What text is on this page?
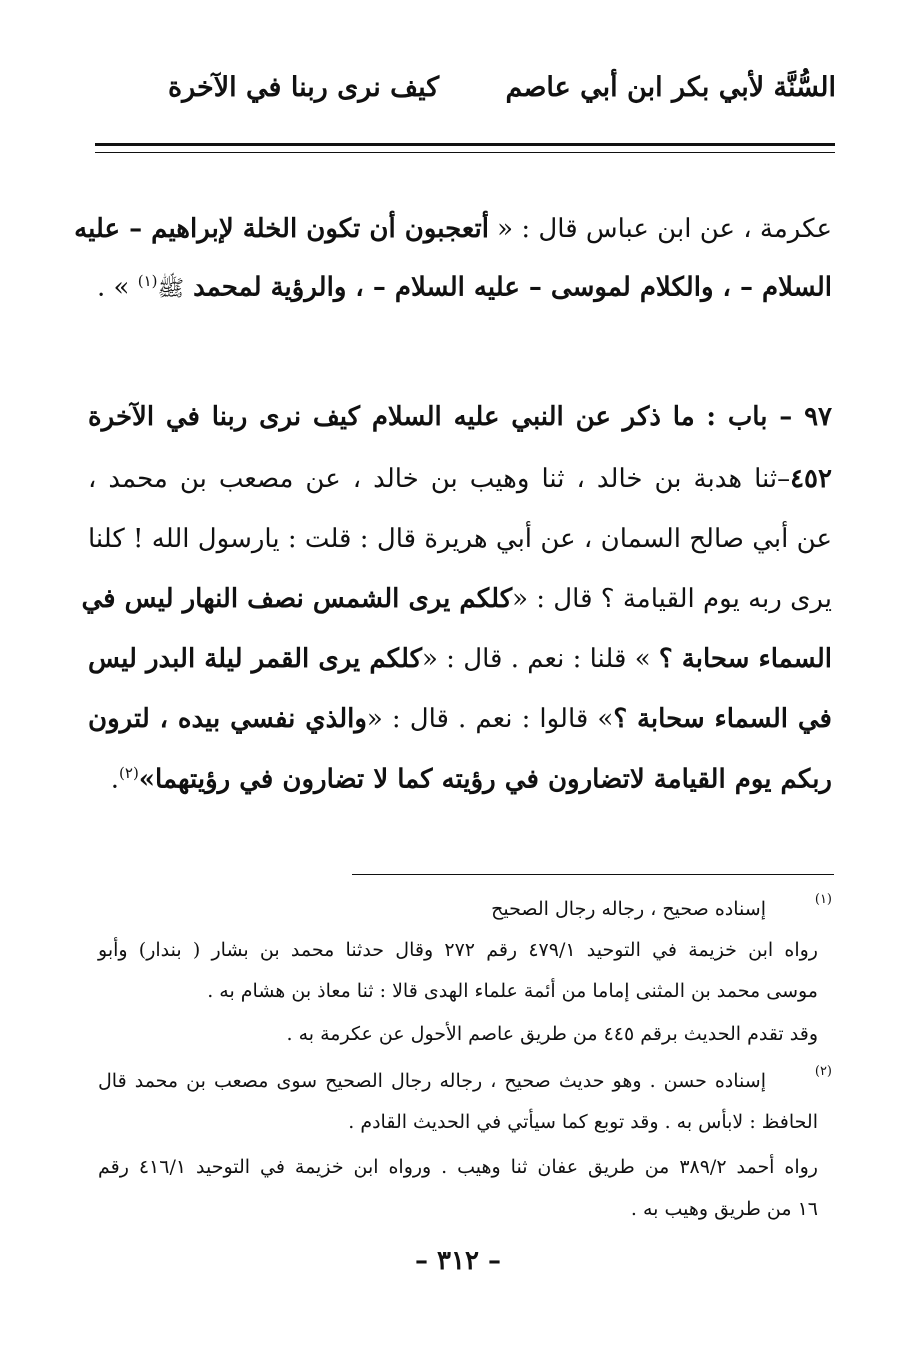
السُّنَّة لأبي بكر ابن أبي عاصم
كيف نرى ربنا في الآخرة
عكرمة ، عن ابن عباس قال : « أتعجبون أن تكون الخلة لإبراهيم – عليه
السلام – ، والكلام لموسى – عليه السلام – ، والرؤية لمحمد ﷺ$^{(١)}$ » .
٩٧ – باب : ما ذكر عن النبي عليه السلام كيف نرى ربنا في الآخرة
٤٥٢–ثنا هدبة بن خالد ، ثنا وهيب بن خالد ، عن مصعب بن محمد ،
عن أبي صالح السمان ، عن أبي هريرة قال : قلت : يارسول الله ! كلنا
يرى ربه يوم القيامة ؟ قال : «كلكم يرى الشمس نصف النهار ليس في
السماء سحابة ؟ » قلنا : نعم . قال : «كلكم يرى القمر ليلة البدر ليس
في السماء سحابة ؟» قالوا : نعم . قال : «والذي نفسي بيده ، لترون
ربكم يوم القيامة لاتضارون في رؤيته كما لا تضارون في رؤيتهما»$^{(٢)}$.
(١)
إسناده صحيح ، رجاله رجال الصحيح
رواه ابن خزيمة في التوحيد ٤٧٩/١ رقم ٢٧٢ وقال حدثنا محمد بن بشار ( بندار) وأبو
موسى محمد بن المثنى إماما من أئمة علماء الهدى قالا : ثنا معاذ بن هشام به .
وقد تقدم الحديث برقم ٤٤٥ من طريق عاصم الأحول عن عكرمة به .
(٢)
إسناده حسن . وهو حديث صحيح ، رجاله رجال الصحيح سوى مصعب بن محمد قال
الحافظ : لابأس به . وقد توبع كما سيأتي في الحديث القادم .
رواه أحمد ٣٨٩/٢ من طريق عفان ثنا وهيب . ورواه ابن خزيمة في التوحيد ٤١٦/١ رقم
١٦ من طريق وهيب به .
– ٣١٢ –
